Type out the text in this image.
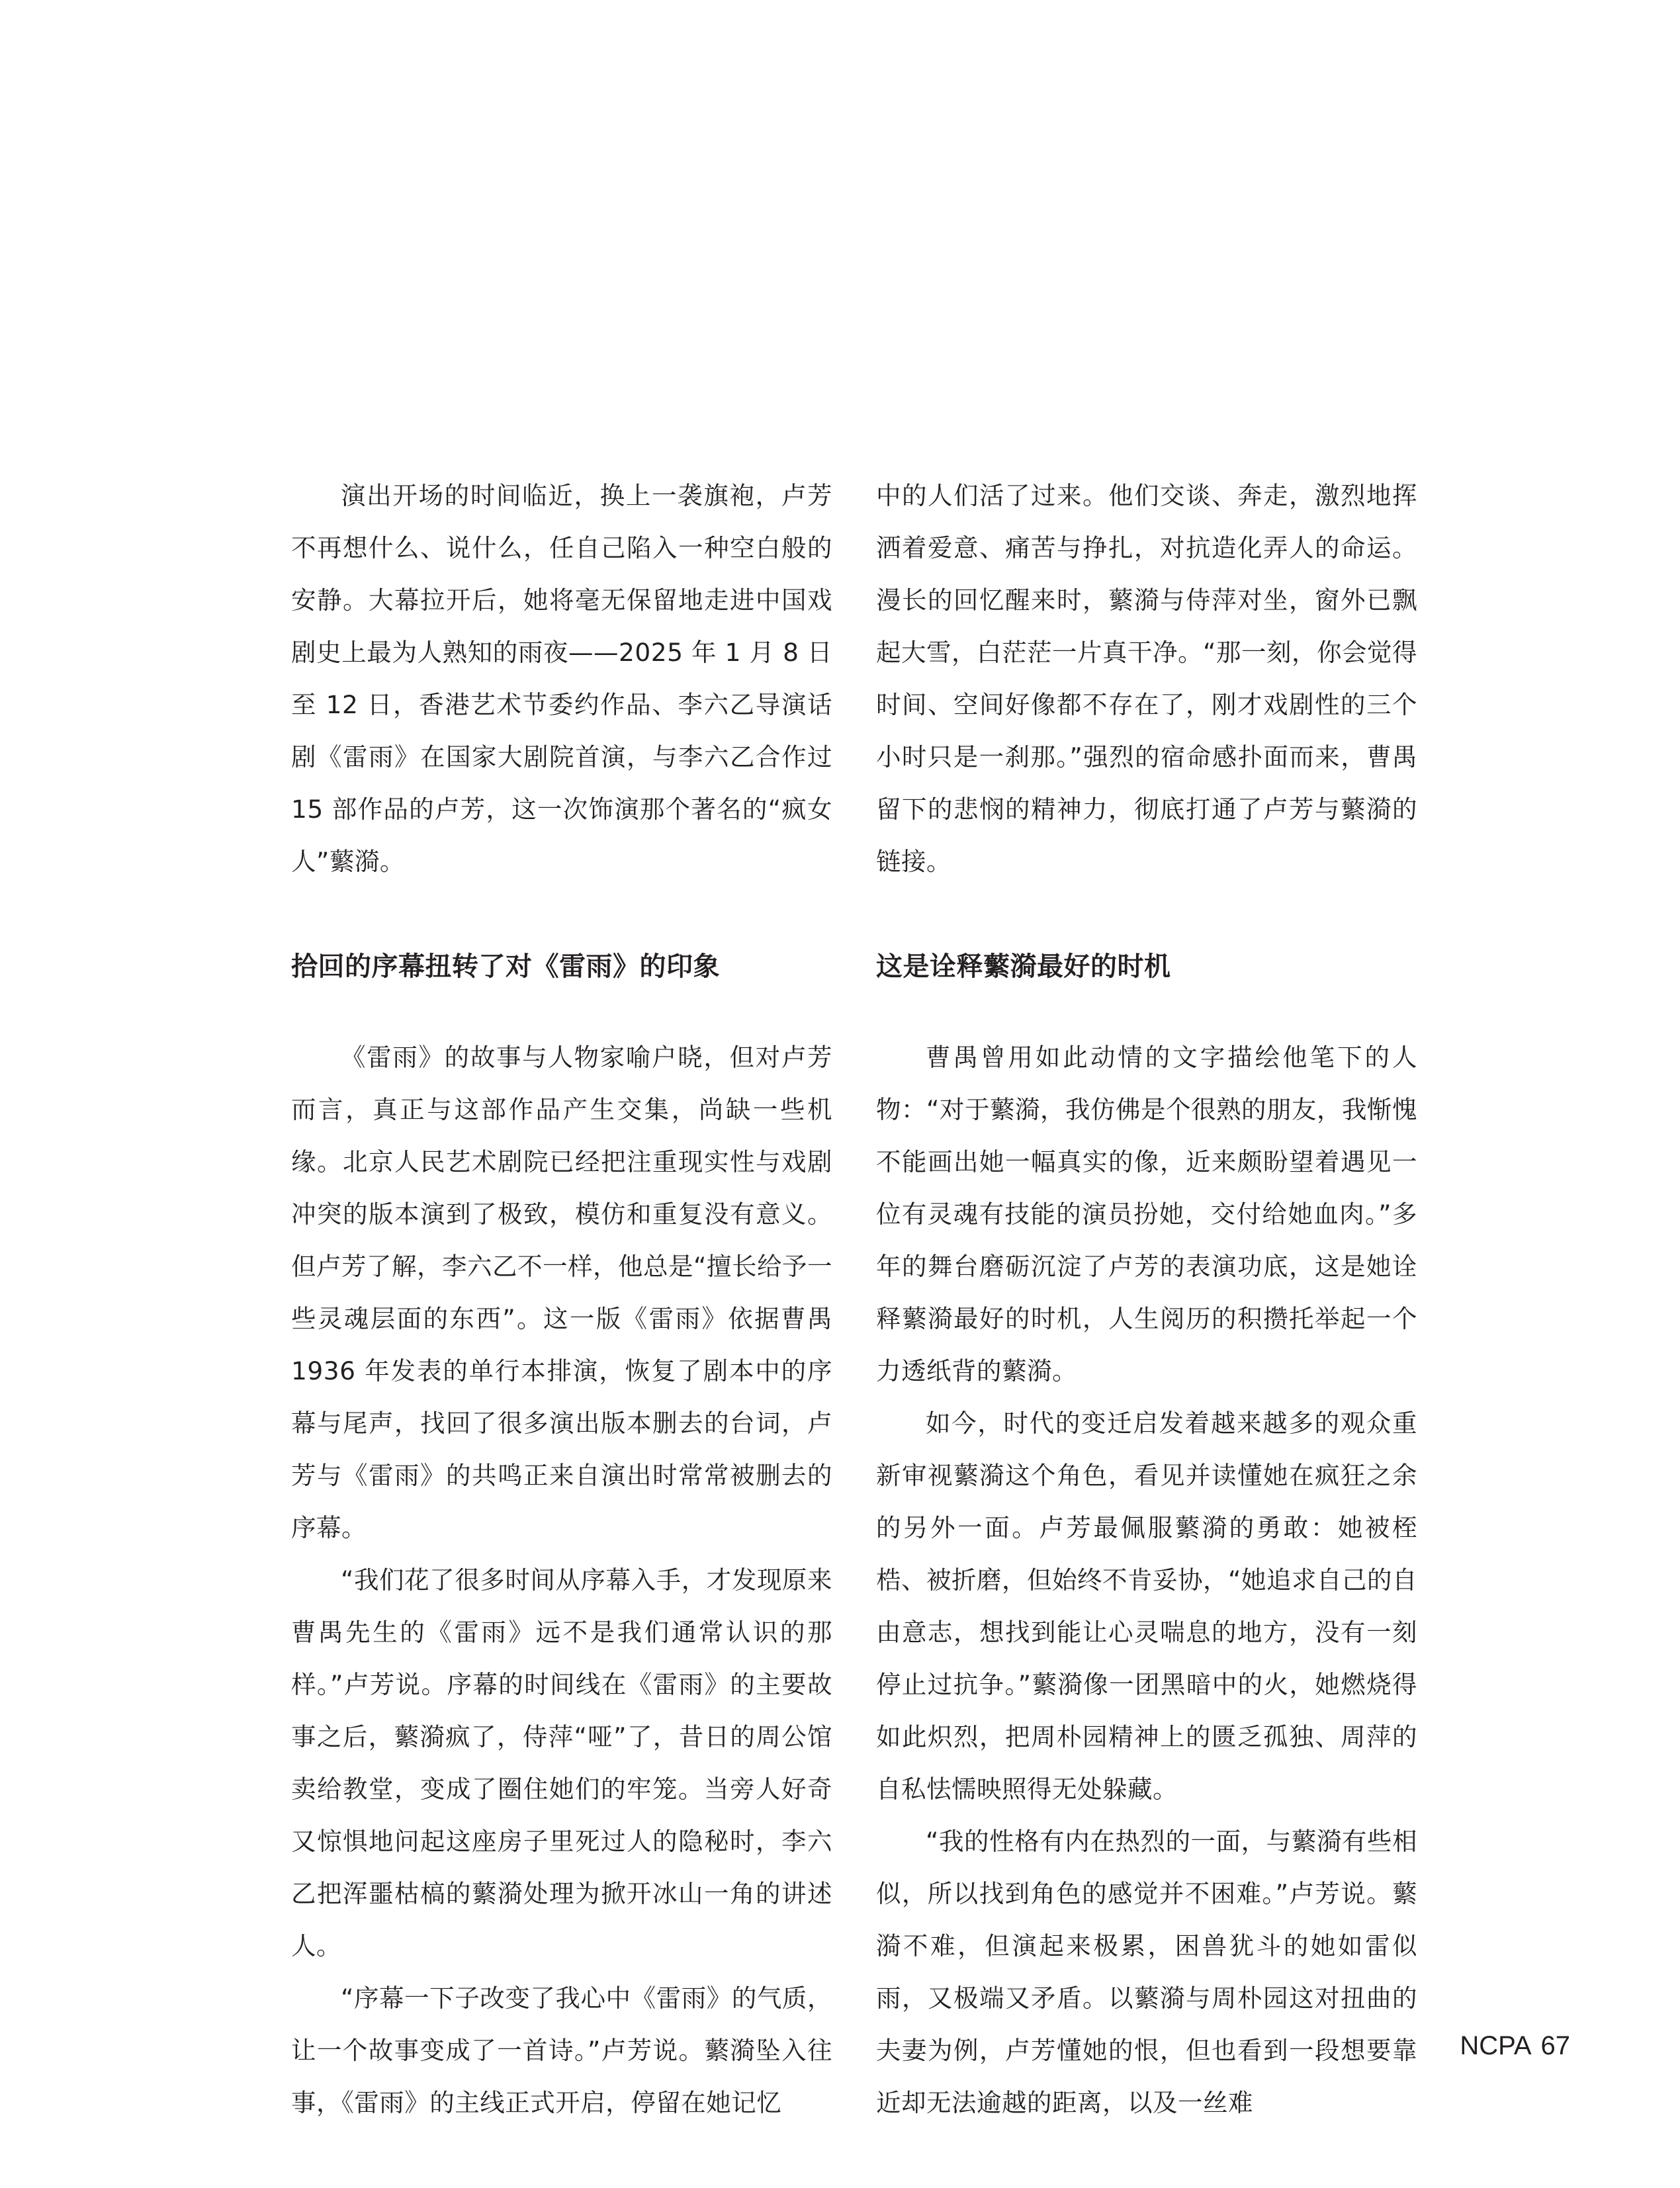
演出开场的时间临近，换上一袭旗袍，卢芳不再想什么、说什么，任自己陷入一种空白般的安静。大幕拉开后，她将毫无保留地走进中国戏剧史上最为人熟知的雨夜——2025 年 1 月 8 日至 12 日，香港艺术节委约作品、李六乙导演话剧《雷雨》在国家大剧院首演，与李六乙合作过 15 部作品的卢芳，这一次饰演那个著名的“疯女人”蘩漪。

拾回的序幕扭转了对《雷雨》的印象

《雷雨》的故事与人物家喻户晓，但对卢芳而言，真正与这部作品产生交集，尚缺一些机缘。北京人民艺术剧院已经把注重现实性与戏剧冲突的版本演到了极致，模仿和重复没有意义。但卢芳了解，李六乙不一样，他总是“擅长给予一些灵魂层面的东西”。这一版《雷雨》依据曹禺 1936 年发表的单行本排演，恢复了剧本中的序幕与尾声，找回了很多演出版本删去的台词，卢芳与《雷雨》的共鸣正来自演出时常常被删去的序幕。

“我们花了很多时间从序幕入手，才发现原来曹禺先生的《雷雨》远不是我们通常认识的那样。”卢芳说。序幕的时间线在《雷雨》的主要故事之后，蘩漪疯了，侍萍“哑”了，昔日的周公馆卖给教堂，变成了圈住她们的牢笼。当旁人好奇又惊惧地问起这座房子里死过人的隐秘时，李六乙把浑噩枯槁的蘩漪处理为掀开冰山一角的讲述人。

“序幕一下子改变了我心中《雷雨》的气质，让一个故事变成了一首诗。”卢芳说。蘩漪坠入往事，《雷雨》的主线正式开启，停留在她记忆

中的人们活了过来。他们交谈、奔走，激烈地挥洒着爱意、痛苦与挣扎，对抗造化弄人的命运。漫长的回忆醒来时，蘩漪与侍萍对坐，窗外已飘起大雪，白茫茫一片真干净。“那一刻，你会觉得时间、空间好像都不存在了，刚才戏剧性的三个小时只是一刹那。”强烈的宿命感扑面而来，曹禺留下的悲悯的精神力，彻底打通了卢芳与蘩漪的链接。

这是诠释蘩漪最好的时机

曹禺曾用如此动情的文字描绘他笔下的人物：“对于蘩漪，我仿佛是个很熟的朋友，我惭愧不能画出她一幅真实的像，近来颇盼望着遇见一位有灵魂有技能的演员扮她，交付给她血肉。”多年的舞台磨砺沉淀了卢芳的表演功底，这是她诠释蘩漪最好的时机，人生阅历的积攒托举起一个力透纸背的蘩漪。

如今，时代的变迁启发着越来越多的观众重新审视蘩漪这个角色，看见并读懂她在疯狂之余的另外一面。卢芳最佩服蘩漪的勇敢：她被桎梏、被折磨，但始终不肯妥协，“她追求自己的自由意志，想找到能让心灵喘息的地方，没有一刻停止过抗争。”蘩漪像一团黑暗中的火，她燃烧得如此炽烈，把周朴园精神上的匮乏孤独、周萍的自私怯懦映照得无处躲藏。

“我的性格有内在热烈的一面，与蘩漪有些相似，所以找到角色的感觉并不困难。”卢芳说。蘩漪不难，但演起来极累，困兽犹斗的她如雷似雨，又极端又矛盾。以蘩漪与周朴园这对扭曲的夫妻为例，卢芳懂她的恨，但也看到一段想要靠近却无法逾越的距离，以及一丝难

NCPA 67
